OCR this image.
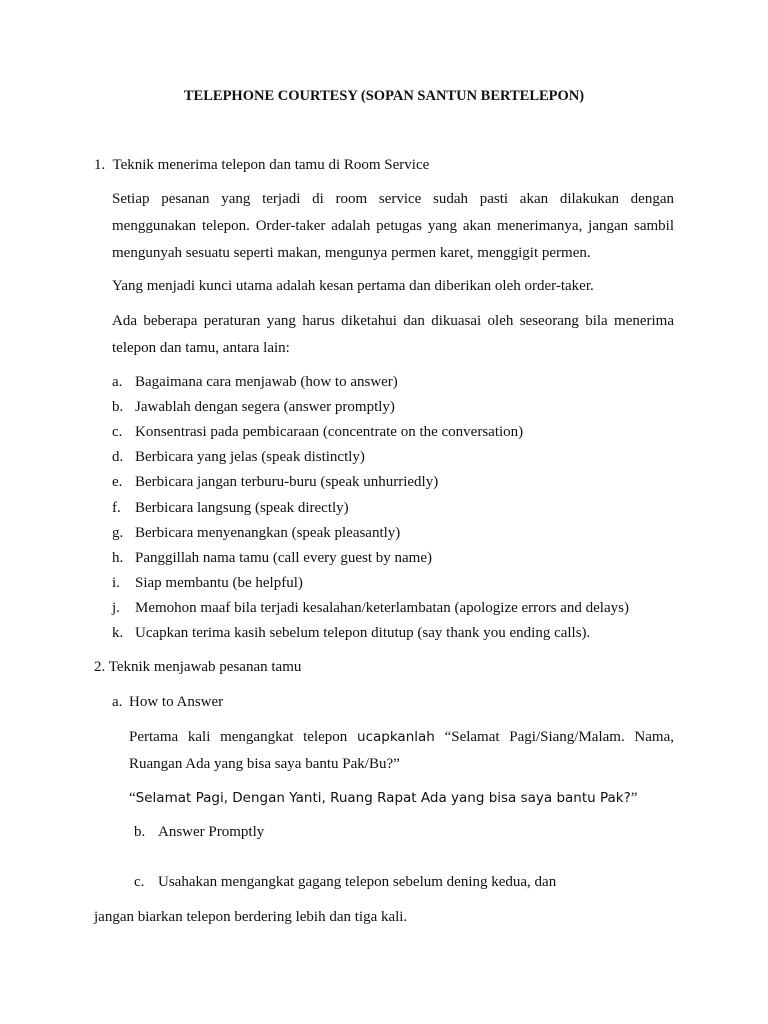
TELEPHONE COURTESY (SOPAN SANTUN BERTELEPON)
1. Teknik menerima telepon dan tamu di Room Service
Setiap pesanan yang terjadi di room service sudah pasti akan dilakukan dengan menggunakan telepon. Order-taker adalah petugas yang akan menerimanya, jangan sambil mengunyah sesuatu seperti makan, mengunya permen karet, menggigit permen.
Yang menjadi kunci utama adalah kesan pertama dan diberikan oleh order-taker.
Ada beberapa peraturan yang harus diketahui dan dikuasai oleh seseorang bila menerima telepon dan tamu, antara lain:
a. Bagaimana cara menjawab (how to answer)
b. Jawablah dengan segera (answer promptly)
c. Konsentrasi pada pembicaraan (concentrate on the conversation)
d. Berbicara yang jelas (speak distinctly)
e. Berbicara jangan terburu-buru (speak unhurriedly)
f. Berbicara langsung (speak directly)
g. Berbicara menyenangkan (speak pleasantly)
h. Panggillah nama tamu (call every guest by name)
i. Siap membantu (be helpful)
j. Memohon maaf bila terjadi kesalahan/keterlambatan (apologize errors and delays)
k. Ucapkan terima kasih sebelum telepon ditutup (say thank you ending calls).
2. Teknik menjawab pesanan tamu
a. How to Answer
Pertama kali mengangkat telepon ucapkanlah “Selamat Pagi/Siang/Malam. Nama, Ruangan Ada yang bisa saya bantu Pak/Bu?”
“Selamat Pagi, Dengan Yanti, Ruang Rapat Ada yang bisa saya bantu Pak?”
b. Answer Promptly
c. Usahakan mengangkat gagang telepon sebelum dening kedua, dan
jangan biarkan telepon berdering lebih dan tiga kali.
